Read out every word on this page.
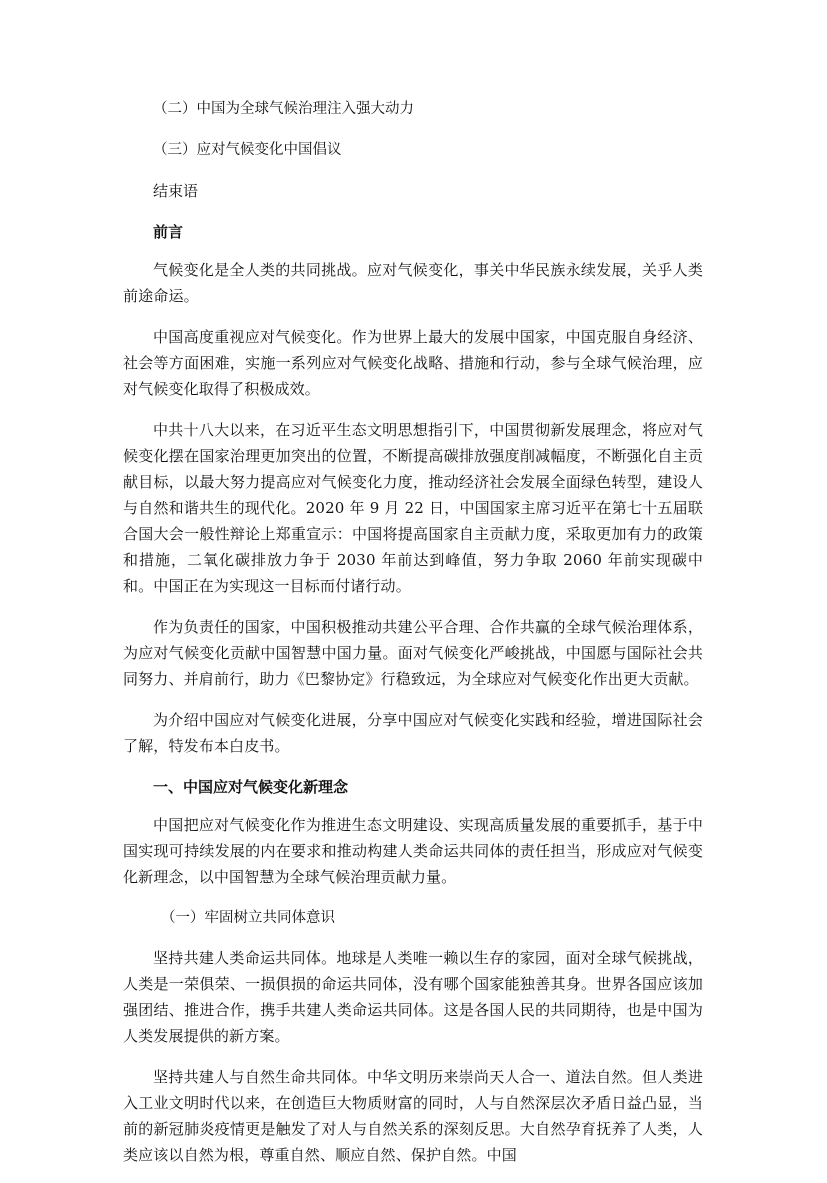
（二）中国为全球气候治理注入强大动力

（三）应对气候变化中国倡议

结束语

前言

气候变化是全人类的共同挑战。应对气候变化，事关中华民族永续发展，关乎人类前途命运。

中国高度重视应对气候变化。作为世界上最大的发展中国家，中国克服自身经济、社会等方面困难，实施一系列应对气候变化战略、措施和行动，参与全球气候治理，应对气候变化取得了积极成效。

中共十八大以来，在习近平生态文明思想指引下，中国贯彻新发展理念，将应对气候变化摆在国家治理更加突出的位置，不断提高碳排放强度削减幅度，不断强化自主贡献目标，以最大努力提高应对气候变化力度，推动经济社会发展全面绿色转型，建设人与自然和谐共生的现代化。2020 年 9 月 22 日，中国国家主席习近平在第七十五届联合国大会一般性辩论上郑重宣示：中国将提高国家自主贡献力度，采取更加有力的政策和措施，二氧化碳排放力争于 2030 年前达到峰值，努力争取 2060 年前实现碳中和。中国正在为实现这一目标而付诸行动。

作为负责任的国家，中国积极推动共建公平合理、合作共赢的全球气候治理体系，为应对气候变化贡献中国智慧中国力量。面对气候变化严峻挑战，中国愿与国际社会共同努力、并肩前行，助力《巴黎协定》行稳致远，为全球应对气候变化作出更大贡献。

为介绍中国应对气候变化进展，分享中国应对气候变化实践和经验，增进国际社会了解，特发布本白皮书。

一、中国应对气候变化新理念

中国把应对气候变化作为推进生态文明建设、实现高质量发展的重要抓手，基于中国实现可持续发展的内在要求和推动构建人类命运共同体的责任担当，形成应对气候变化新理念，以中国智慧为全球气候治理贡献力量。

（一）牢固树立共同体意识

坚持共建人类命运共同体。地球是人类唯一赖以生存的家园，面对全球气候挑战，人类是一荣俱荣、一损俱损的命运共同体，没有哪个国家能独善其身。世界各国应该加强团结、推进合作，携手共建人类命运共同体。这是各国人民的共同期待，也是中国为人类发展提供的新方案。

坚持共建人与自然生命共同体。中华文明历来崇尚天人合一、道法自然。但人类进入工业文明时代以来，在创造巨大物质财富的同时，人与自然深层次矛盾日益凸显，当前的新冠肺炎疫情更是触发了对人与自然关系的深刻反思。大自然孕育抚养了人类，人类应该以自然为根，尊重自然、顺应自然、保护自然。中国
